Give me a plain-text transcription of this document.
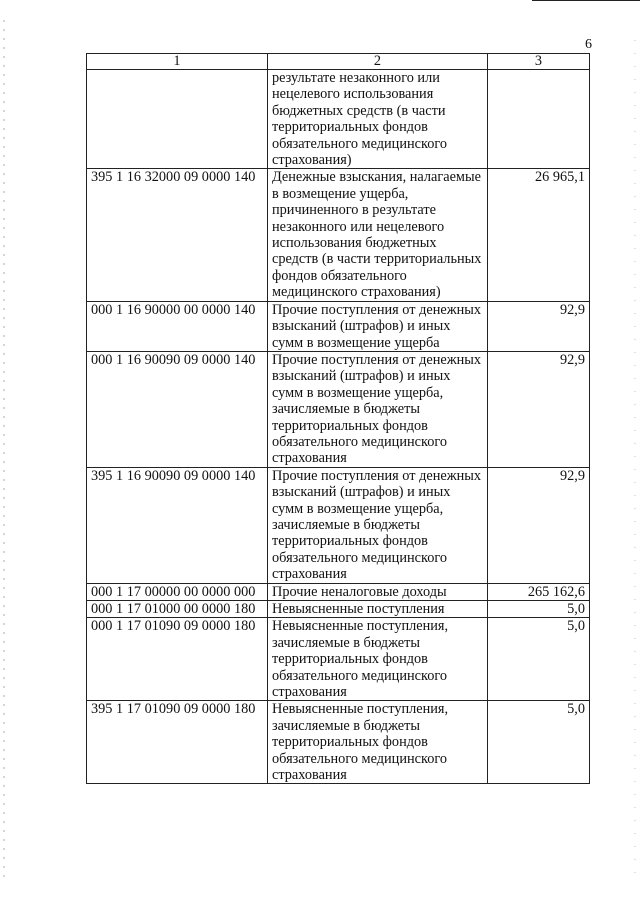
6
1	2	3
	результате незаконного или нецелевого использования бюджетных средств (в части территориальных фондов обязательного медицинского страхования)	
395 1 16 32000 09 0000 140	Денежные взыскания, налагаемые в возмещение ущерба, причиненного в результате незаконного или нецелевого использования бюджетных средств (в части территориальных фондов обязательного медицинского страхования)	26 965,1
000 1 16 90000 00 0000 140	Прочие поступления от денежных взысканий (штрафов) и иных сумм в возмещение ущерба	92,9
000 1 16 90090 09 0000 140	Прочие поступления от денежных взысканий (штрафов) и иных сумм в возмещение ущерба, зачисляемые в бюджеты территориальных фондов обязательного медицинского страхования	92,9
395 1 16 90090 09 0000 140	Прочие поступления от денежных взысканий (штрафов) и иных сумм в возмещение ущерба, зачисляемые в бюджеты территориальных фондов обязательного медицинского страхования	92,9
000 1 17 00000 00 0000 000	Прочие неналоговые доходы	265 162,6
000 1 17 01000 00 0000 180	Невыясненные поступления	5,0
000 1 17 01090 09 0000 180	Невыясненные поступления, зачисляемые в бюджеты территориальных фондов обязательного медицинского страхования	5,0
395 1 17 01090 09 0000 180	Невыясненные поступления, зачисляемые в бюджеты территориальных фондов обязательного медицинского страхования	5,0
